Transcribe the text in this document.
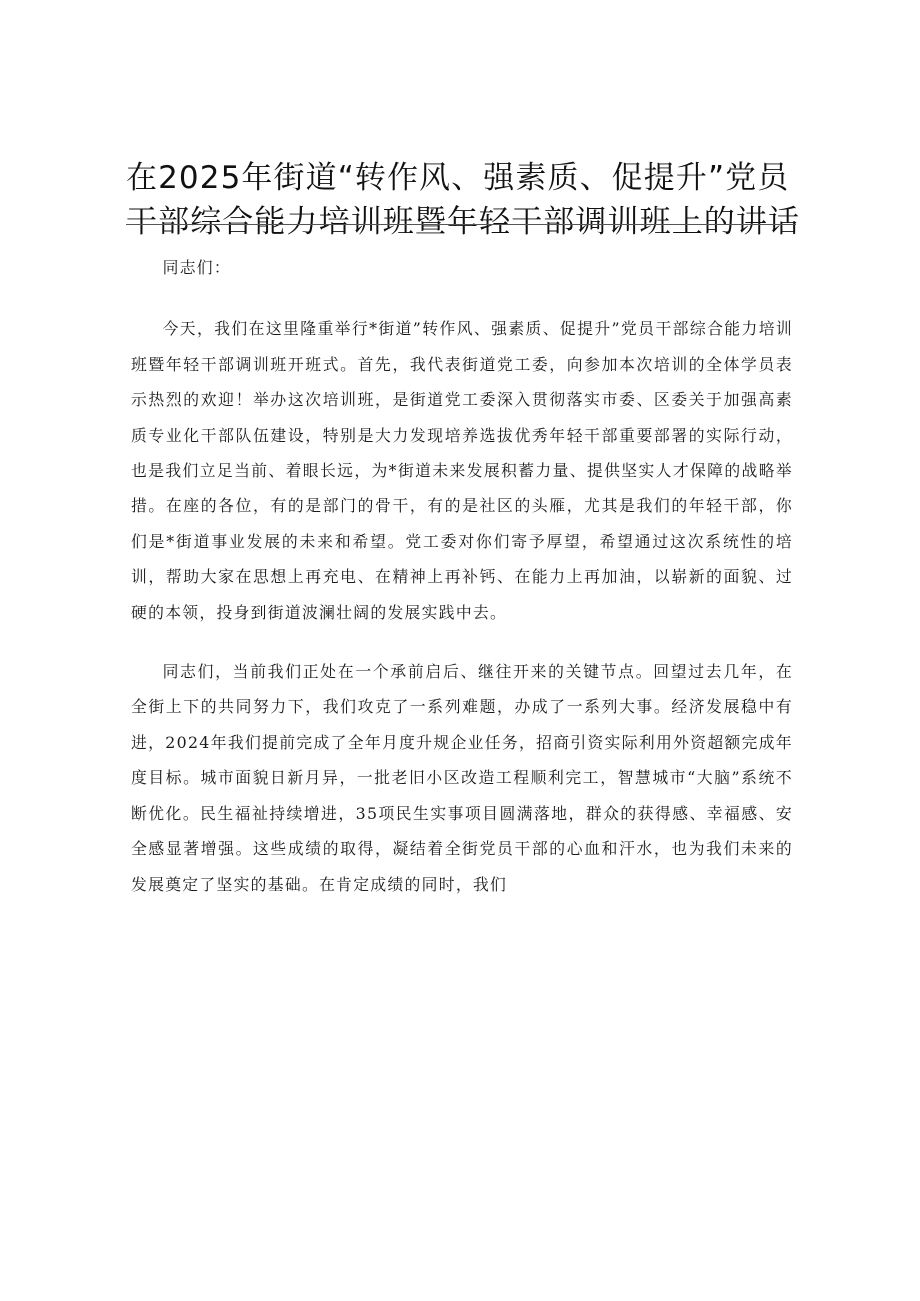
在2025年街道“转作风、强素质、促提升”党员
干部综合能力培训班暨年轻干部调训班上的讲话

同志们：

今天，我们在这里隆重举行*街道”转作风、强素质、促提升”党员干部综合能力培训班暨年轻干部调训班开班式。首先，我代表街道党工委，向参加本次培训的全体学员表示热烈的欢迎！举办这次培训班，是街道党工委深入贯彻落实市委、区委关于加强高素质专业化干部队伍建设，特别是大力发现培养选拔优秀年轻干部重要部署的实际行动，也是我们立足当前、着眼长远，为*街道未来发展积蓄力量、提供坚实人才保障的战略举措。在座的各位，有的是部门的骨干，有的是社区的头雁，尤其是我们的年轻干部，你们是*街道事业发展的未来和希望。党工委对你们寄予厚望，希望通过这次系统性的培训，帮助大家在思想上再充电、在精神上再补钙、在能力上再加油，以崭新的面貌、过硬的本领，投身到街道波澜壮阔的发展实践中去。

同志们，当前我们正处在一个承前启后、继往开来的关键节点。回望过去几年，在全街上下的共同努力下，我们攻克了一系列难题，办成了一系列大事。经济发展稳中有进，2024年我们提前完成了全年月度升规企业任务，招商引资实际利用外资超额完成年度目标。城市面貌日新月异，一批老旧小区改造工程顺利完工，智慧城市“大脑”系统不断优化。民生福祉持续增进，35项民生实事项目圆满落地，群众的获得感、幸福感、安全感显著增强。这些成绩的取得，凝结着全街党员干部的心血和汗水，也为我们未来的发展奠定了坚实的基础。在肯定成绩的同时，我们
